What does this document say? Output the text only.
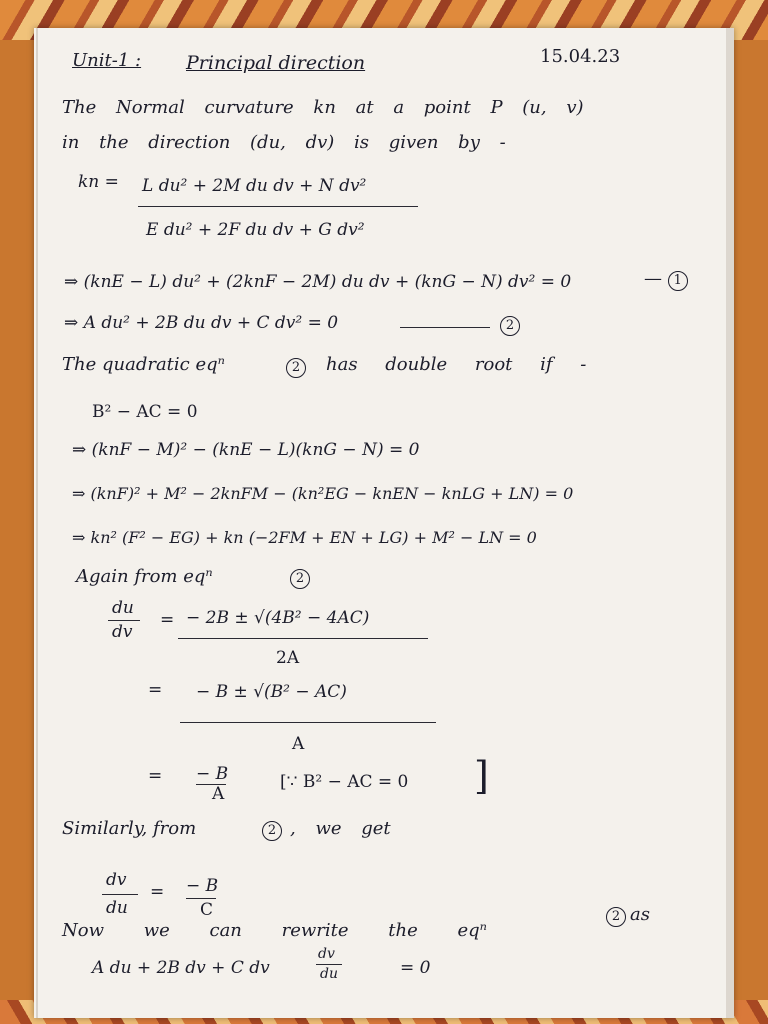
Unit-1 : Principal direction	15.04.23
The Normal curvature kn at a point P (u, v)
in the direction (du, dv) is given by -
kn = L du² + 2M du dv + N dv²
E du² + 2F du dv + G dv²
⇒ (knE − L) du² + (2knF − 2M) du dv + (knG − N) dv² = 0	— 1
⇒ A du² + 2B du dv + C dv² = 0	2
The quadratic eqⁿ	2	has double root if -
B² − AC = 0
⇒ (knF − M)² − (knE − L)(knG − N) = 0
⇒ (knF)² + M² − 2knFM − (kn²EG − knEN − knLG + LN) = 0
⇒ kn² (F² − EG) + kn (−2FM + EN + LG) + M² − LN = 0
Again from eqⁿ	2
du
dv
= − 2B ± √(4B² − 4AC)
2A
= − B ± √(B² − AC)
A
= − B
A
[∵ B² − AC = 0 ]
Similarly, from	2 , we get
dv
du
= − B
C
Now we can rewrite the eqⁿ
2 as
A du + 2B dv + C dv
dv
du	= 0
